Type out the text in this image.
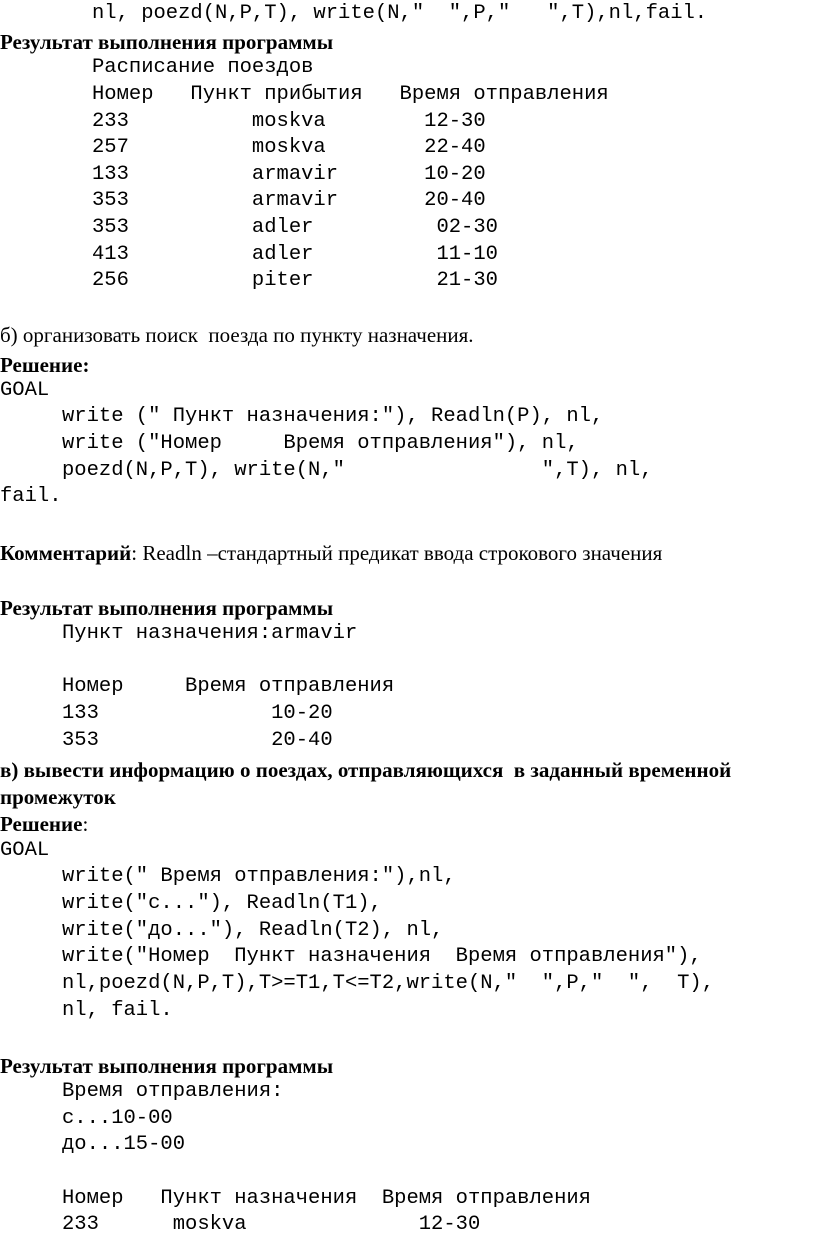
nl, poezd(N,P,T), write(N,"  ",P,"   ",T),nl,fail.
Результат выполнения программы
Расписание поездов
Номер   Пункт прибытия   Время отправления
233          moskva        12-30
257          moskva        22-40
133          armavir       10-20
353          armavir       20-40
353          adler          02-30
413          adler          11-10
256          piter          21-30
б) организовать поиск  поезда по пункту назначения.
Решение:
GOAL
write (" Пункт назначения:"), Readln(P), nl,
write ("Номер     Время отправления"), nl,
poezd(N,P,T), write(N,"                ",T), nl,
fail.
Комментарий: Readln –стандартный предикат ввода строкового значения
Результат выполнения программы
Пункт назначения:armavir
Номер     Время отправления
133              10-20
353              20-40
в) вывести информацию о поездах, отправляющихся  в заданный временной
промежуток
Решение:
GOAL
write(" Время отправления:"),nl,
write("с..."), Readln(T1),
write("до..."), Readln(T2), nl,
write("Номер  Пункт назначения  Время отправления"),
nl,poezd(N,P,T),T>=T1,T<=T2,write(N,"  ",P,"  ",  T),
nl, fail.
Результат выполнения программы
Время отправления:
с...10-00
до...15-00
Номер   Пункт назначения  Время отправления
233      moskva              12-30
